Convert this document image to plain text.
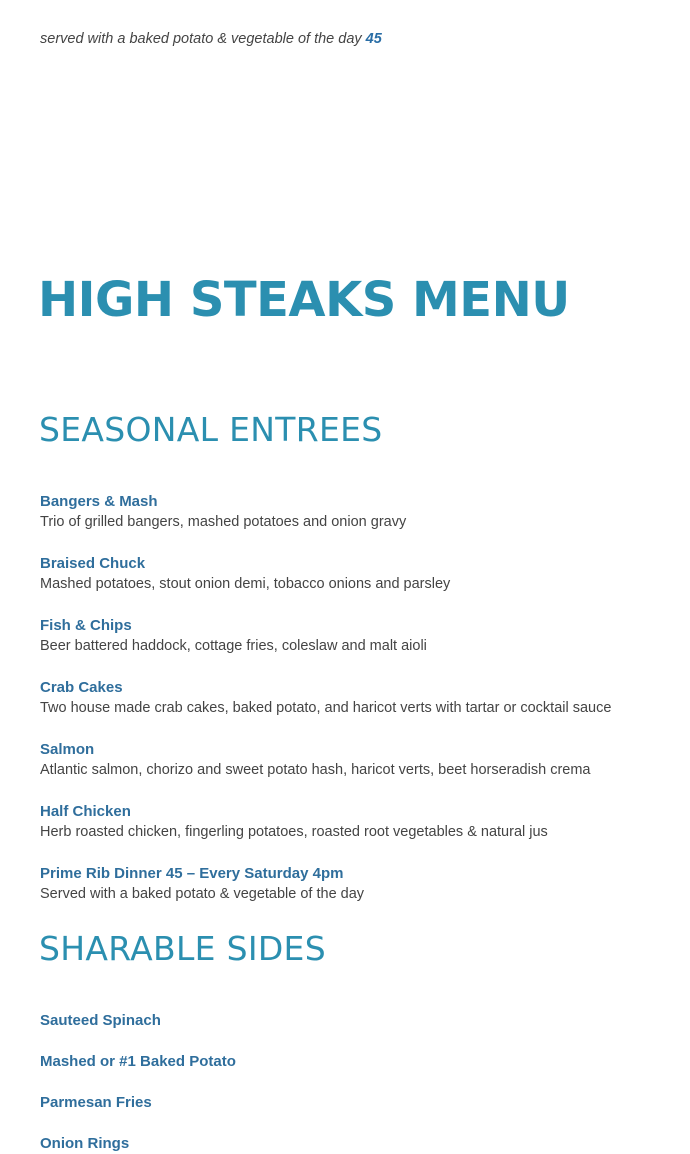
served with a baked potato & vegetable of the day 45
HIGH STEAKS MENU
SEASONAL ENTREES
Bangers & Mash
Trio of grilled bangers, mashed potatoes and onion gravy
Braised Chuck
Mashed potatoes, stout onion demi, tobacco onions and parsley
Fish & Chips
Beer battered haddock, cottage fries, coleslaw and malt aioli
Crab Cakes
Two house made crab cakes, baked potato, and haricot verts with tartar or cocktail sauce
Salmon
Atlantic salmon, chorizo and sweet potato hash, haricot verts, beet horseradish crema
Half Chicken
Herb roasted chicken, fingerling potatoes, roasted root vegetables & natural jus
Prime Rib Dinner 45 – Every Saturday 4pm
Served with a baked potato & vegetable of the day
SHARABLE SIDES
Sauteed Spinach
Mashed or #1 Baked Potato
Parmesan Fries
Onion Rings
